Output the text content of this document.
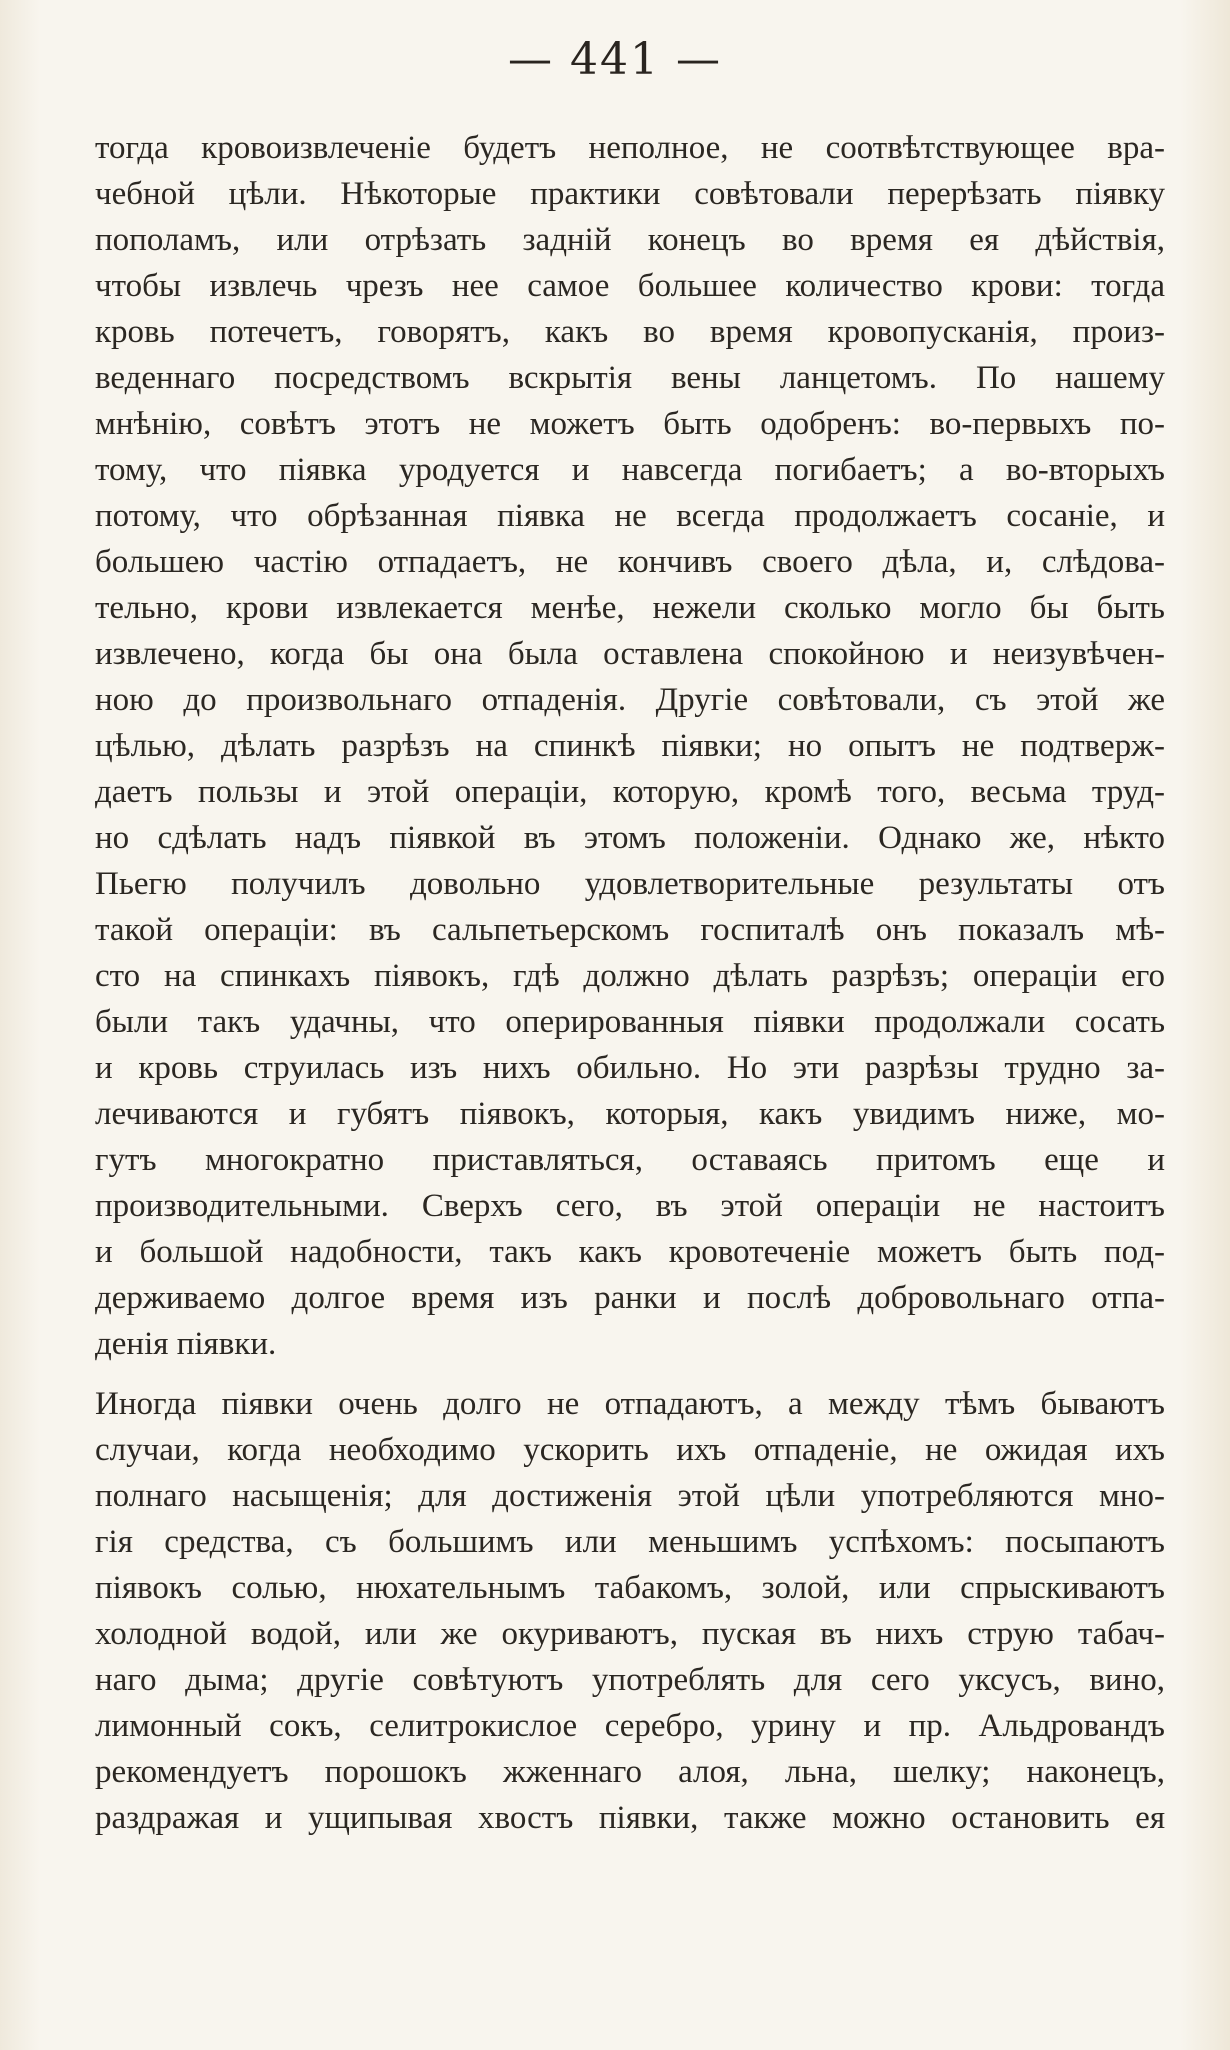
— 441 —
тогда кровоизвлеченіе будетъ неполное, не соотвѣтствующее вра-
чебной цѣли. Нѣкоторые практики совѣтовали перерѣзать піявку
пополамъ, или отрѣзать задній конецъ во время ея дѣйствія,
чтобы извлечь чрезъ нее самое большее количество крови: тогда
кровь потечетъ, говорятъ, какъ во время кровопусканія, произ-
веденнаго посредствомъ вскрытія вены ланцетомъ. По нашему
мнѣнію, совѣтъ этотъ не можетъ быть одобренъ: во-первыхъ по-
тому, что піявка уродуется и навсегда погибаетъ; а во-вторыхъ
потому, что обрѣзанная піявка не всегда продолжаетъ сосаніе, и
большею частію отпадаетъ, не кончивъ своего дѣла, и, слѣдова-
тельно, крови извлекается менѣе, нежели сколько могло бы быть
извлечено, когда бы она была оставлена спокойною и неизувѣчен-
ною до произвольнаго отпаденія. Другіе совѣтовали, съ этой же
цѣлью, дѣлать разрѣзъ на спинкѣ піявки; но опытъ не подтверж-
даетъ пользы и этой операціи, которую, кромѣ того, весьма труд-
но сдѣлать надъ піявкой въ этомъ положеніи. Однако же, нѣкто
Пьегю получилъ довольно удовлетворительные результаты отъ
такой операціи: въ сальпетьерскомъ госпиталѣ онъ показалъ мѣ-
сто на спинкахъ піявокъ, гдѣ должно дѣлать разрѣзъ; операціи его
были такъ удачны, что оперированныя піявки продолжали сосать
и кровь струилась изъ нихъ обильно. Но эти разрѣзы трудно за-
лечиваются и губятъ піявокъ, которыя, какъ увидимъ ниже, мо-
гутъ многократно приставляться, оставаясь притомъ еще и
производительными. Сверхъ сего, въ этой операціи не настоитъ
и большой надобности, такъ какъ кровотеченіе можетъ быть под-
держиваемо долгое время изъ ранки и послѣ добровольнаго отпа-
денія піявки.
Иногда піявки очень долго не отпадаютъ, а между тѣмъ бываютъ
случаи, когда необходимо ускорить ихъ отпаденіе, не ожидая ихъ
полнаго насыщенія; для достиженія этой цѣли употребляются мно-
гія средства, съ большимъ или меньшимъ успѣхомъ: посыпаютъ
піявокъ солью, нюхательнымъ табакомъ, золой, или спрыскиваютъ
холодной водой, или же окуриваютъ, пуская въ нихъ струю табач-
наго дыма; другіе совѣтуютъ употреблять для сего уксусъ, вино,
лимонный сокъ, селитрокислое серебро, урину и пр. Альдровандъ
рекомендуетъ порошокъ жженнаго алоя, льна, шелку; наконецъ,
раздражая и ущипывая хвостъ піявки, также можно остановить ея
